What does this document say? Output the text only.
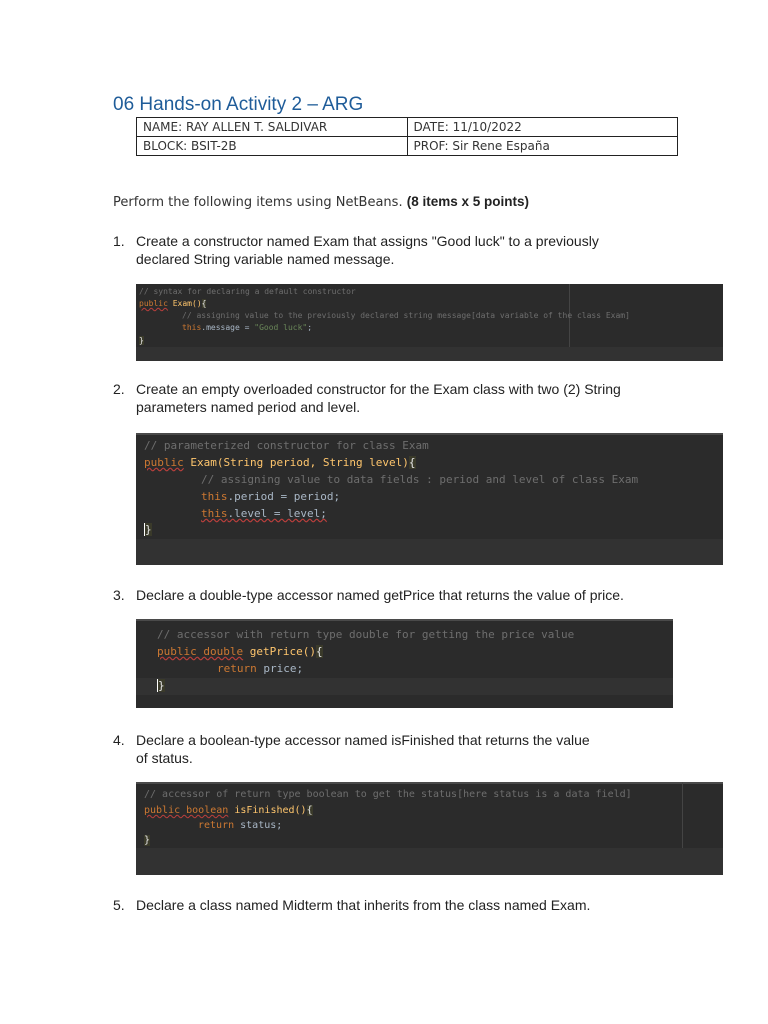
06 Hands-on Activity 2 – ARG
NAME: RAY ALLEN T. SALDIVAR	DATE: 11/10/2022
BLOCK: BSIT-2B	PROF: Sir Rene España
Perform the following items using NetBeans. (8 items x 5 points)
1. Create a constructor named Exam that assigns "Good luck" to a previously
declared String variable named message.
// syntax for declaring a default constructor
public Exam(){
// assigning value to the previously declared string message[data variable of the class Exam]
this.message = "Good luck";
}
2. Create an empty overloaded constructor for the Exam class with two (2) String
parameters named period and level.
// parameterized constructor for class Exam
public Exam(String period, String level){
// assigning value to data fields : period and level of class Exam
this.period = period;
this.level = level;
}
3. Declare a double-type accessor named getPrice that returns the value of price.
// accessor with return type double for getting the price value
public double getPrice(){
return price;
}
4. Declare a boolean-type accessor named isFinished that returns the value
of status.
// accessor of return type boolean to get the status[here status is a data field]
public boolean isFinished(){
return status;
}
5. Declare a class named Midterm that inherits from the class named Exam.
